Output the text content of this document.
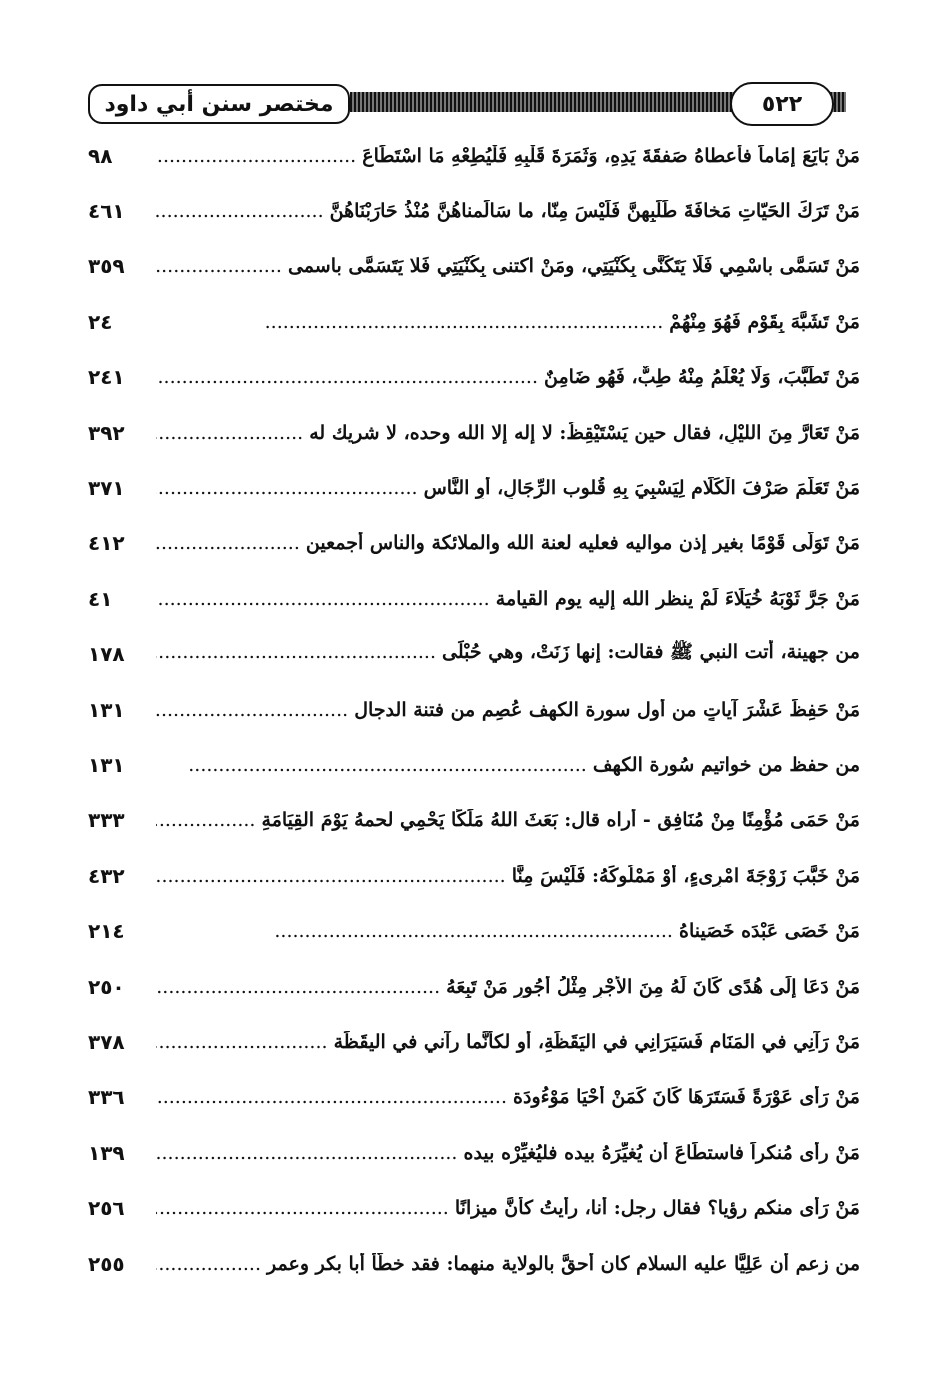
مختصر سنن أبي داود	٥٢٢
مَنْ بَايَعَ إِمَاماً فأَعطاهُ صَفقَةَ يَدِهِ، وَثَمَرَةَ قَلْبِهِ فَلْيُطِعْهِ مَا اسْتَطَاعَ .....
٩٨
مَنْ تَرَكَ الحَيّاتِ مَخافَةَ طَلَبِهِنَّ فَلَيْسَ مِنّا، ما سَالَمناهُنَّ مُنْذُ حَارَبْنَاهُنَّ .....
٤٦١
مَنْ تَسَمَّى باسْمِي فَلَا يَتَكَنَّى بِكُنْيَتِي، ومَنْ اكتنى بِكُنْيَتِي فَلا يَتَسَمَّى باسمى .....
٣٥٩
مَنْ تَشَبَّهَ بِقَوْمٍ فَهُوَ مِنْهُمْ .....
٢٤
مَنْ تَطَبَّبَ، وَلَا يُعْلَمُ مِنْهُ طِبٌّ، فَهُو ضَامِنٌ .....
٢٤١
مَنْ تَعَارَّ مِنَ الليْلِ، فقال حين يَسْتَيْقِظُ: لا إله إلا الله وحده، لا شريك له .....
٣٩٢
مَنْ تَعَلَّمَ صَرْفَ الْكَلَامِ لِيَسْبِيَ بِهِ قُلوب الرِّجَالِ، أَوِ النَّاس .....
٣٧١
مَنْ تَوَلَّى قَوْمًا بغير إذن مواليه فعليه لعنة الله والملائكة والناس أجمعين .....
٤١٢
مَنْ جَرَّ ثَوْبَهُ خُيَلَاءَ لَمْ ينظر الله إليه يوم القيامة .....
٤١
من جهينة، أتت النبي ﷺ فقالت: إنها زَنَتْ، وهي حُبْلَى .....
١٧٨
مَنْ حَفِظَ عَشْرَ آياتٍ من أول سورة الكهف عُصِم من فتنة الدجال .....
١٣١
من حفظ من خواتيم سُورة الكهف .....
١٣١
مَنْ حَمَى مُؤْمِنًا مِنْ مُنَافِقٍ - أُراه قال: بَعَثَ اللهُ مَلَكًا يَحْمِي لحمهُ يَوْمَ القِيَامَةِ .....
٣٣٣
مَنْ خَبَّبَ زَوْجَةَ امْرِىءٍ، أَوْ مَمْلُوكَهُ: فَلَيْسَ مِنَّا .....
٤٣٢
مَنْ خَصَى عَبْدَه خَصَيناهُ .....
٢١٤
مَنْ دَعَا إِلَى هُدًى كَانَ لَهُ مِنَ الأَجْرِ مِثْلُ أُجُورِ مَنْ تَبِعَهُ .....
٢٥٠
مَنْ رَآنِي في المَنَامِ فَسَيَرَانِي في اليَقَظَةِ، أو لكأنَّما رآني في اليقَظَة .....
٣٧٨
مَنْ رَأَى عَوْرَةً فَسَتَرَهَا كَانَ كَمَنْ أَحْيَا مَوْءُودَة .....
٣٣٦
مَنْ رأى مُنكراً فاستطَاعَ أن يُغيِّرَهُ بيده فليُغيِّرْه بيده .....
١٣٩
مَنْ رَأَى منكم رؤيا؟ فقال رجل: أنا، رأيتُ كأَنَّ ميزانًا .....
٢٥٦
من زعم أن عَلِيًّا عليه السلام كان أحقَّ بالولاية منهما: فقد خطَّأ أبا بكر وعمر .....
٢٥٥
